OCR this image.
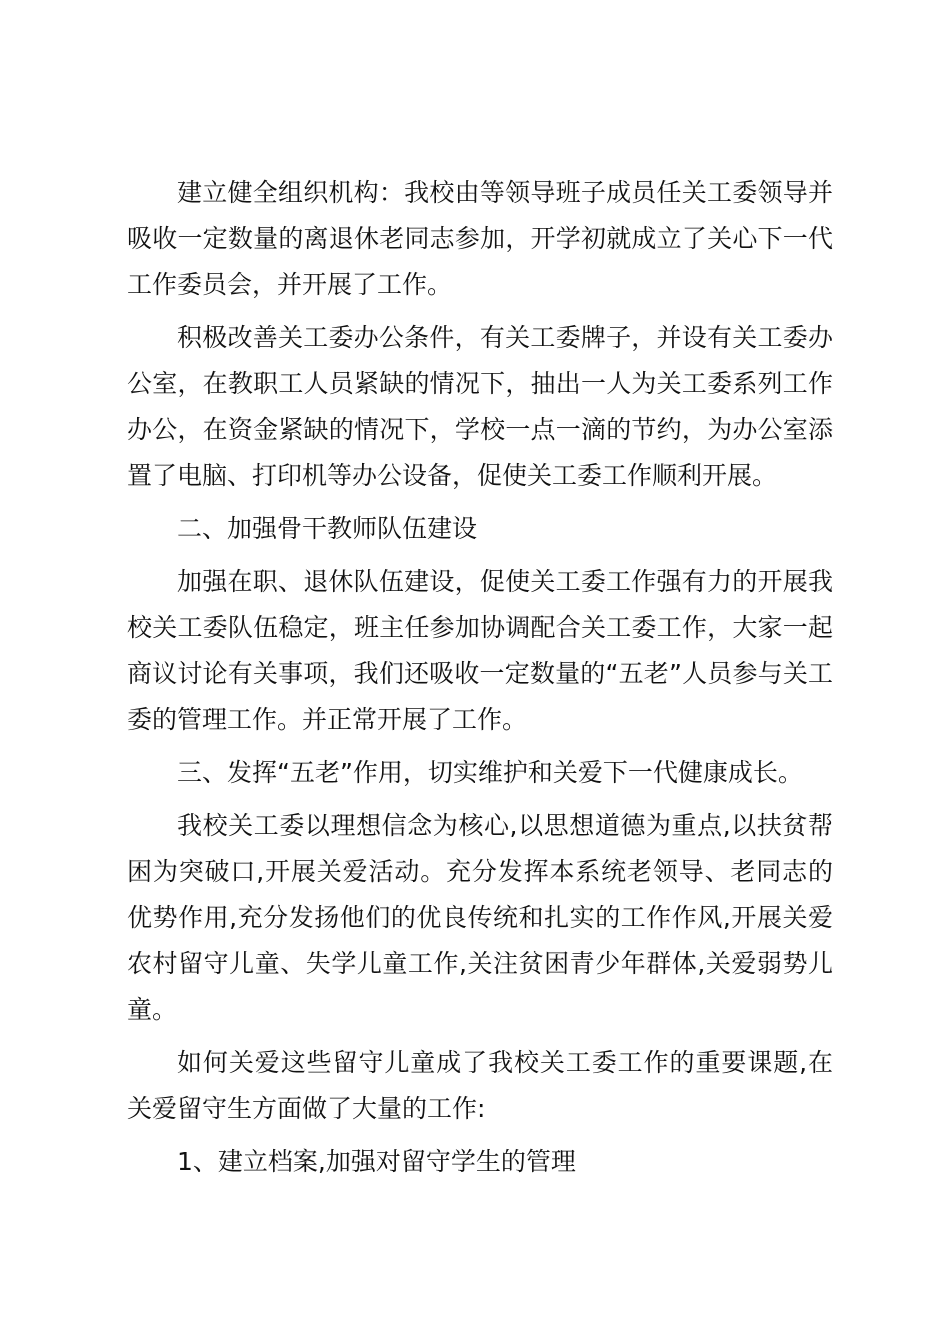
建立健全组织机构：我校由等领导班子成员任关工委领导并吸收一定数量的离退休老同志参加，开学初就成立了关心下一代工作委员会，并开展了工作。

积极改善关工委办公条件，有关工委牌子，并设有关工委办公室，在教职工人员紧缺的情况下，抽出一人为关工委系列工作办公，在资金紧缺的情况下，学校一点一滴的节约，为办公室添置了电脑、打印机等办公设备，促使关工委工作顺利开展。

二、加强骨干教师队伍建设

加强在职、退休队伍建设，促使关工委工作强有力的开展我校关工委队伍稳定，班主任参加协调配合关工委工作，大家一起商议讨论有关事项，我们还吸收一定数量的“五老”人员参与关工委的管理工作。并正常开展了工作。

三、发挥“五老”作用，切实维护和关爱下一代健康成长。

我校关工委以理想信念为核心,以思想道德为重点,以扶贫帮困为突破口,开展关爱活动。充分发挥本系统老领导、老同志的优势作用,充分发扬他们的优良传统和扎实的工作作风,开展关爱农村留守儿童、失学儿童工作,关注贫困青少年群体,关爱弱势儿童。

如何关爱这些留守儿童成了我校关工委工作的重要课题,在关爱留守生方面做了大量的工作:

1、建立档案,加强对留守学生的管理
